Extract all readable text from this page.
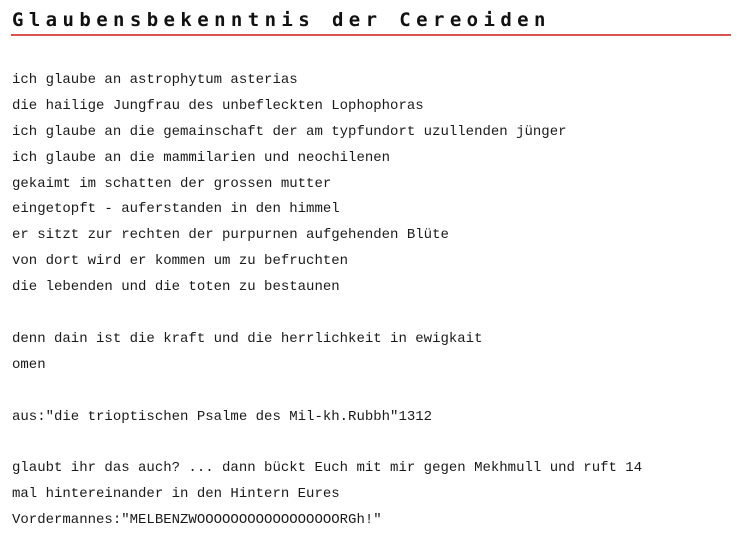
Glaubensbekenntnis der Cereoiden
ich glaube an astrophytum asterias
die hailige Jungfrau des unbefleckten Lophophoras
ich glaube an die gemainschaft der am typfundort uzullenden jünger
ich glaube an die mammilarien und neochilenen
gekaimt im schatten der grossen mutter
eingetopft - auferstanden in den himmel
er sitzt zur rechten der purpurnen aufgehenden Blüte
von dort wird er kommen um zu befruchten
die lebenden und die toten zu bestaunen
denn dain ist die kraft und die herrlichkeit in ewigkait
omen
aus:"die trioptischen Psalme des Mil-kh.Rubbh"1312
glaubt ihr das auch? ... dann bückt Euch mit mir gegen Mekhmull und ruft 14
mal hintereinander in den Hintern Eures
Vordermannes:"MELBENZWOOOOOOOOOOOOOOOOORGh!"
